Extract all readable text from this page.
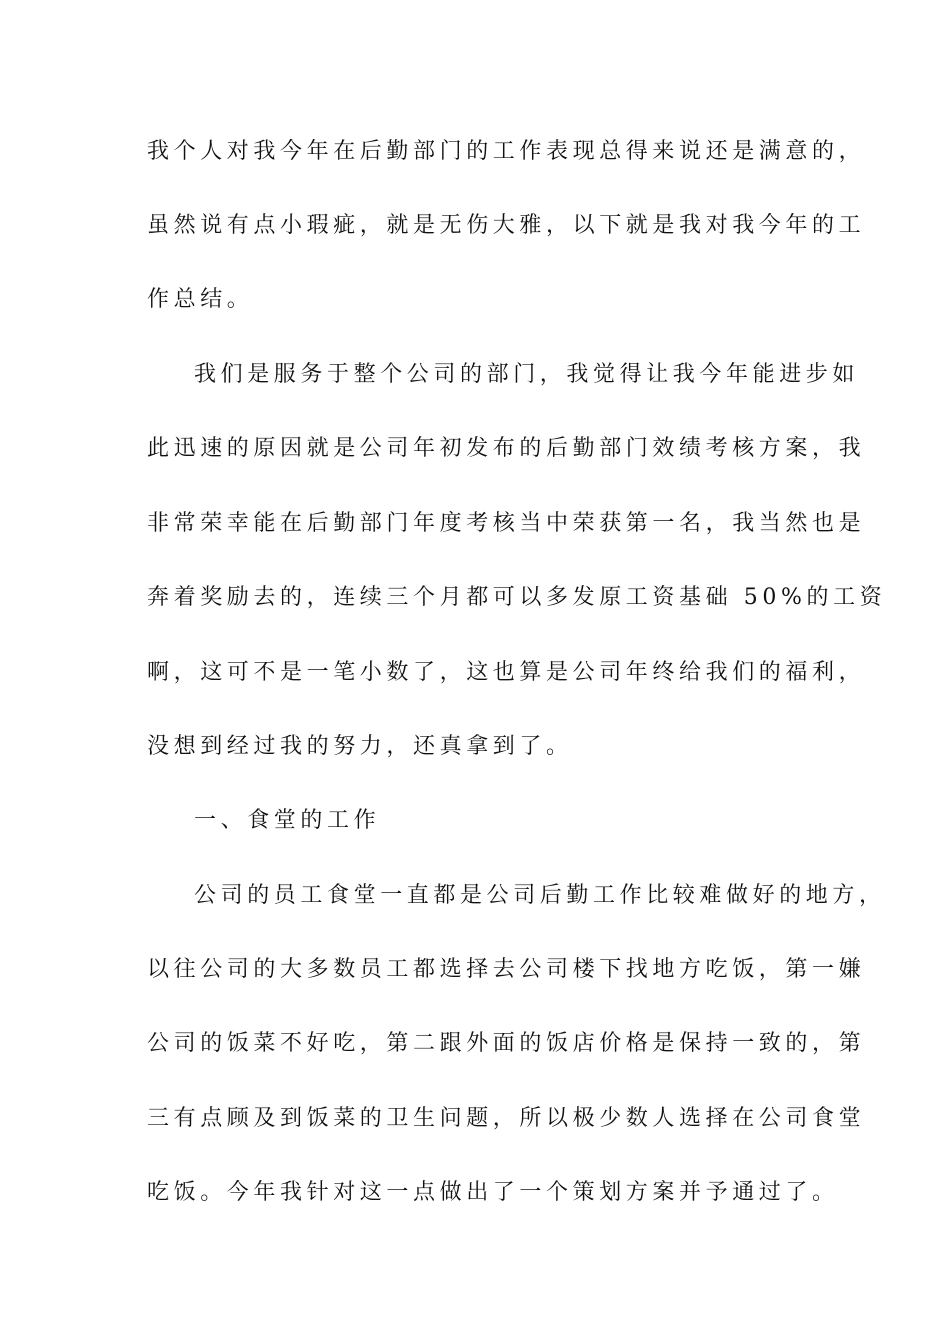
我个人对我今年在后勤部门的工作表现总得来说还是满意的，
虽然说有点小瑕疵，就是无伤大雅，以下就是我对我今年的工
作总结。
我们是服务于整个公司的部门，我觉得让我今年能进步如
此迅速的原因就是公司年初发布的后勤部门效绩考核方案，我
非常荣幸能在后勤部门年度考核当中荣获第一名，我当然也是
奔着奖励去的，连续三个月都可以多发原工资基础 50%的工资
啊，这可不是一笔小数了，这也算是公司年终给我们的福利，
没想到经过我的努力，还真拿到了。
一、食堂的工作
公司的员工食堂一直都是公司后勤工作比较难做好的地方，
以往公司的大多数员工都选择去公司楼下找地方吃饭，第一嫌
公司的饭菜不好吃，第二跟外面的饭店价格是保持一致的，第
三有点顾及到饭菜的卫生问题，所以极少数人选择在公司食堂
吃饭。今年我针对这一点做出了一个策划方案并予通过了。
